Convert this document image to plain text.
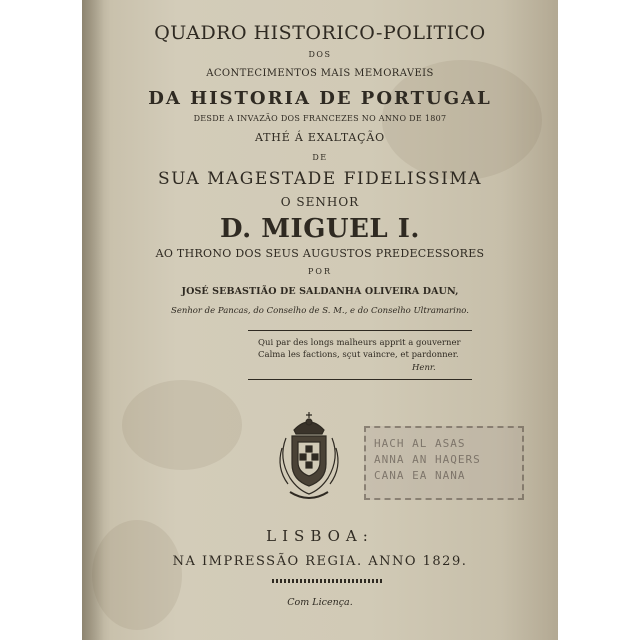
QUADRO HISTORICO-POLITICO
DOS
ACONTECIMENTOS MAIS MEMORAVEIS
DA HISTORIA DE PORTUGAL
DESDE A INVAZÃO DOS FRANCEZES NO ANNO DE 1807
ATHÉ Á EXALTAÇÃO
DE
SUA MAGESTADE FIDELISSIMA
O SENHOR
D. MIGUEL I.
AO THRONO DOS SEUS AUGUSTOS PREDECESSORES
POR
JOSÉ SEBASTIÃO DE SALDANHA OLIVEIRA DAUN,
Senhor de Pancas, do Conselho de S. M., e do Conselho Ultramarino.
Qui par des longs malheurs apprit a gouverner
Calma les factions, sçut vaincre, et pardonner.
Henr.
HACH AL ASAS
ANNA AN HAQERS
CANA EA NANA
LISBOA:
NA IMPRESSÃO REGIA. ANNO 1829.
Com Licença.
